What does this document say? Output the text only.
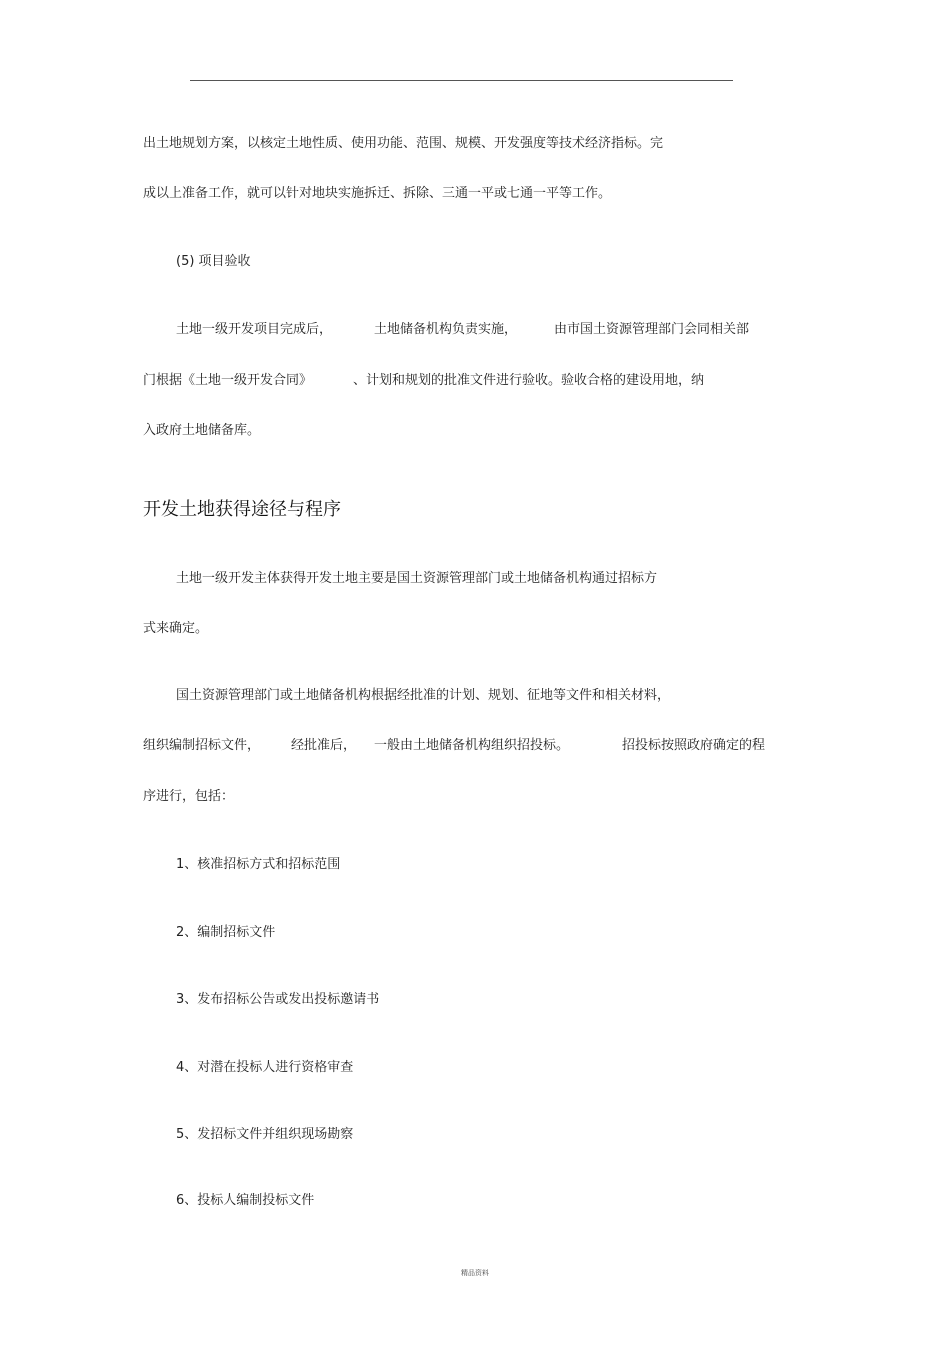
出土地规划方案，以核定土地性质、使用功能、范围、规模、开发强度等技术经济指标。完
成以上准备工作，就可以针对地块实施拆迁、拆除、三通一平或七通一平等工作。
(5) 项目验收
土地一级开发项目完成后，	土地储备机构负责实施，	由市国土资源管理部门会同相关部
门根据《土地一级开发合同》	、计划和规划的批准文件进行验收。验收合格的建设用地，纳
入政府土地储备库。
开发土地获得途径与程序
土地一级开发主体获得开发土地主要是国土资源管理部门或土地储备机构通过招标方
式来确定。
国土资源管理部门或土地储备机构根据经批准的计划、规划、征地等文件和相关材料，
组织编制招标文件， 经批准后， 一般由土地储备机构组织招投标。	招投标按照政府确定的程
序进行，包括：
1、核准招标方式和招标范围
2、编制招标文件
3、发布招标公告或发出投标邀请书
4、对潜在投标人进行资格审查
5、发招标文件并组织现场勘察
6、投标人编制投标文件
精品资料
